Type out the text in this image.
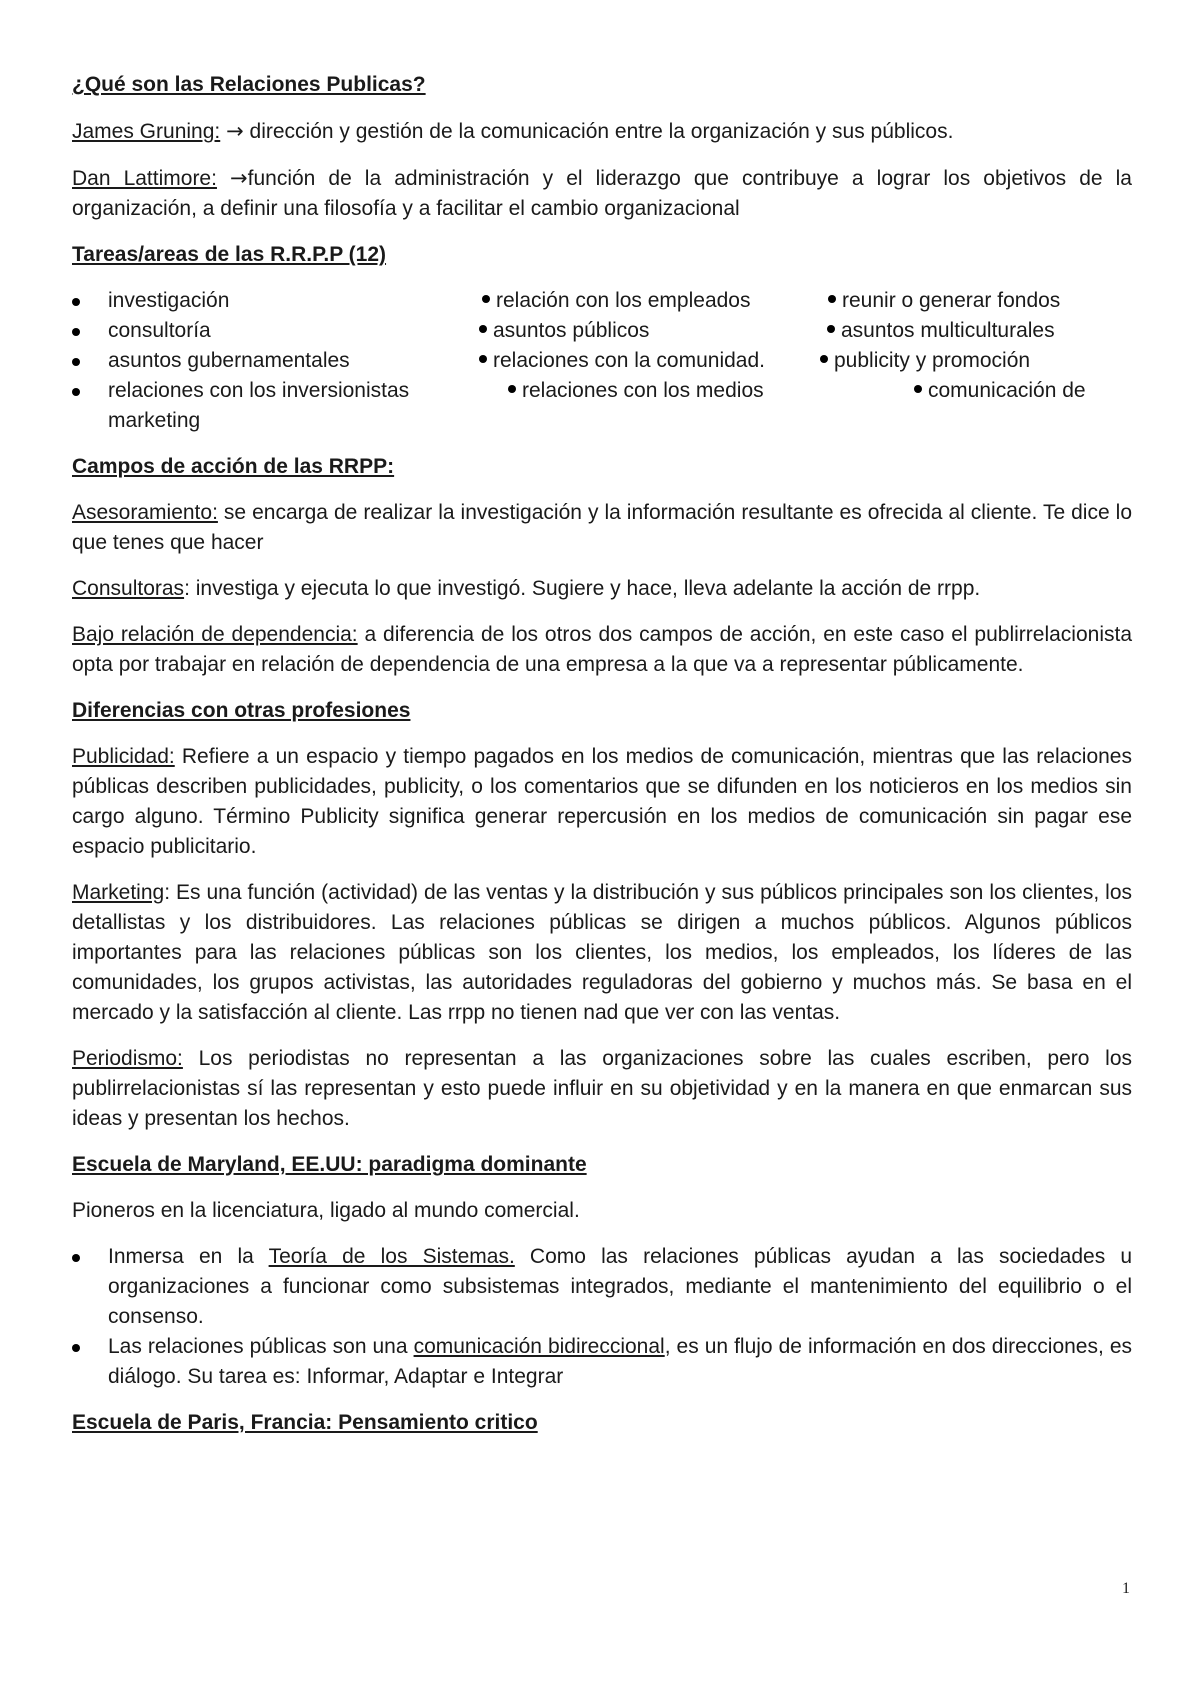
¿Qué son las Relaciones Publicas?

James Gruning: → dirección y gestión de la comunicación entre la organización y sus públicos.

Dan Lattimore: →función de la administración y el liderazgo que contribuye a lograr los objetivos de la organización, a definir una filosofía y a facilitar el cambio organizacional

Tareas/areas de las R.R.P.P (12)
investigación	relación con los empleados	reunir o generar fondos
consultoría	asuntos públicos	asuntos multiculturales
asuntos gubernamentales	relaciones con la comunidad.	publicity y promoción
relaciones con los inversionistas	relaciones con los medios	comunicación de
marketing
Campos de acción de las RRPP:

Asesoramiento: se encarga de realizar la investigación y la información resultante es ofrecida al cliente. Te dice lo que tenes que hacer

Consultoras: investiga y ejecuta lo que investigó. Sugiere y hace, lleva adelante la acción de rrpp.

Bajo relación de dependencia: a diferencia de los otros dos campos de acción, en este caso el publirrelacionista opta por trabajar en relación de dependencia de una empresa a la que va a representar públicamente.

Diferencias con otras profesiones

Publicidad: Refiere a un espacio y tiempo pagados en los medios de comunicación, mientras que las relaciones públicas describen publicidades, publicity, o los comentarios que se difunden en los noticieros en los medios sin cargo alguno. Término Publicity significa generar repercusión en los medios de comunicación sin pagar ese espacio publicitario.

Marketing: Es una función (actividad) de las ventas y la distribución y sus públicos principales son los clientes, los detallistas y los distribuidores. Las relaciones públicas se dirigen a muchos públicos. Algunos públicos importantes para las relaciones públicas son los clientes, los medios, los empleados, los líderes de las comunidades, los grupos activistas, las autoridades reguladoras del gobierno y muchos más. Se basa en el mercado y la satisfacción al cliente. Las rrpp no tienen nad que ver con las ventas.

Periodismo: Los periodistas no representan a las organizaciones sobre las cuales escriben, pero los publirrelacionistas sí las representan y esto puede influir en su objetividad y en la manera en que enmarcan sus ideas y presentan los hechos.

Escuela de Maryland, EE.UU: paradigma dominante

Pioneros en la licenciatura, ligado al mundo comercial.

Inmersa en la Teoría de los Sistemas. Como las relaciones públicas ayudan a las sociedades u organizaciones a funcionar como subsistemas integrados, mediante el mantenimiento del equilibrio o el consenso.
Las relaciones públicas son una comunicación bidireccional, es un flujo de información en dos direcciones, es diálogo. Su tarea es: Informar, Adaptar e Integrar
Escuela de Paris, Francia: Pensamiento critico
1
